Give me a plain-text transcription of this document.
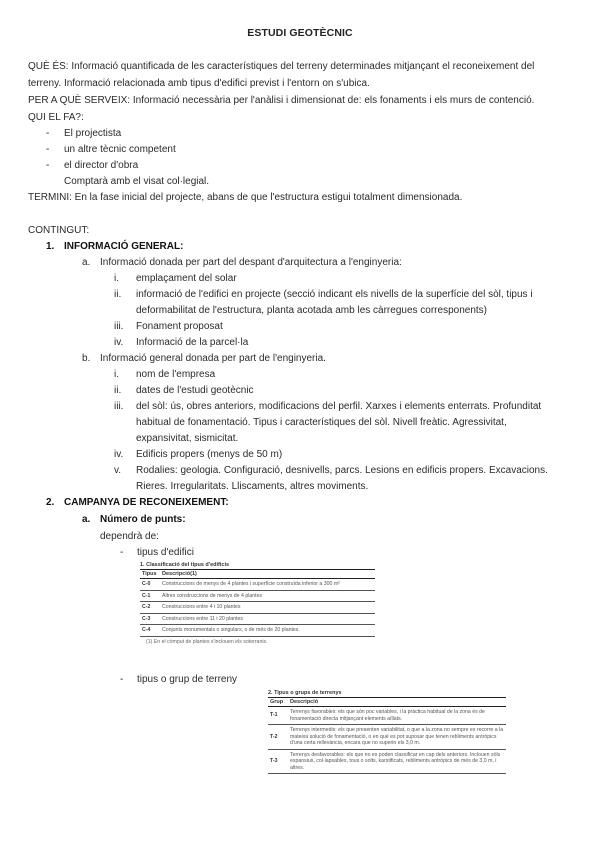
ESTUDI GEOTÈCNIC
QUÈ ÉS: Informació quantificada de les característiques del terreny determinades mitjançant el reconeixement del
terreny. Informació relacionada amb tipus d'edifici previst i l'entorn on s'ubica.
PER A QUÈ SERVEIX: Informació necessària per l'anàlisi i dimensionat de: els fonaments i els murs de contenció.
QUI EL FA?:
- El projectista
- un altre tècnic competent
- el director d'obra
Comptarà amb el visat col·legial.
TERMINI: En la fase inicial del projecte, abans de que l'estructura estigui totalment dimensionada.
CONTINGUT:
1. INFORMACIÓ GENERAL:
a. Informació donada per part del despant d'arquitectura a l'enginyeria:
i. emplaçament del solar
ii. informació de l'edifici en projecte (secció indicant els nivells de la superfície del sòl, tipus i
deformabilitat de l'estructura, planta acotada amb les càrregues corresponents)
iii. Fonament proposat
iv. Informació de la parcel·la
b. Informació general donada per part de l'enginyeria.
i. nom de l'empresa
ii. dates de l'estudi geotècnic
iii. del sòl: ús, obres anteriors, modificacions del perfil. Xarxes i elements enterrats. Profunditat
habitual de fonamentació. Tipus i característiques del sòl. Nivell freàtic. Agressivitat,
expansivitat, sismicitat.
iv. Edificis propers (menys de 50 m)
v. Rodalies: geologia. Configuració, desnivells, parcs. Lesions en edificis propers. Excavacions.
Rieres. Irregularitats. Lliscaments, altres moviments.
2. CAMPANYA DE RECONEIXEMENT:
a. Número de punts:
dependrà de:
- tipus d'edifici
1. Classificació del tipus d'edificis
Tipus	Descripció(1)
C-0	Construccions de menys de 4 plantes i superfície construïda inferior a 300 m²
C-1	Altres construccions de menys de 4 plantes
C-2	Construccions entre 4 i 10 plantes
C-3	Construccions entre 11 i 20 plantes
C-4	Conjunts monumentals o singulars, o de més de 20 plantes.
(1) En el còmput de plantes s'inclouen els soterranis.
- tipus o grup de terreny
2. Tipus o grups de terrenys
Grup	Descripció
T-1	Terrenys favorables: els que són poc variables, i la pràctica habitual de la zona és de fonamentació directa mitjançant elements aïllats.
T-2	Terrenys intermedis: els que presenten variabilitat, o que a la zona no sempre es recorre a la mateixa solució de fonamentació, o en què es pot suposar que tenen rebliments antròpics d'una certa rellevància, encara que no superin els 3,0 m.
T-3	Terrenys desfavorables: els que no es poden classificar en cap dels anteriors. Inclouen sòls expansius, col·lapsables, tous o solts, karstificats, rebliments antròpics de més de 3,0 m, i altres.
